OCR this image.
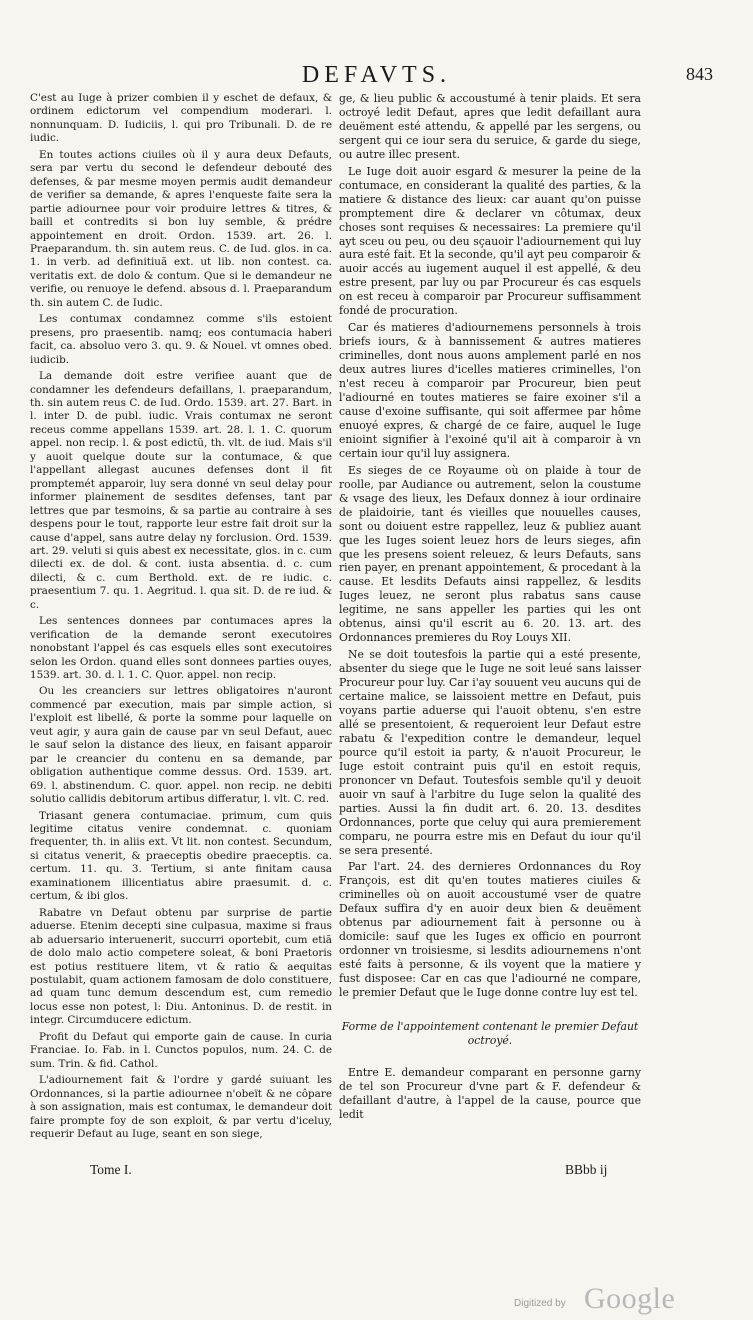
DEFAVTS.	843

C'est au Iuge à prizer combien il y eschet de defaux, & ordinem edictorum vel compendium moderari. l. nonnunquam. D. Iudiciis, l. qui pro Tribunali. D. de re iudic.

En toutes actions ciuiles où il y aura deux Defauts, sera par vertu du second le defendeur debouté des defenses, & par mesme moyen permis audit demandeur de verifier sa demande, & apres l'enqueste faite sera la partie adiournee pour voir produire lettres & titres, & baill et contredits si bon luy semble, & prédre appointement en droit. Ordon. 1539. art. 26. l. Praeparandum. th. sin autem reus. C. de Iud. glos. in ca. 1. in verb. ad definitiuã ext. ut lib. non contest. ca. veritatis ext. de dolo & contum. Que si le demandeur ne verifie, ou renuoye le defend. absous d. l. Praeparandum th. sin autem C. de Iudic.

Les contumax condamnez comme s'ils estoient presens, pro praesentib. namq; eos contumacia haberi facit, ca. absoluo vero 3. qu. 9. & Nouel. vt omnes obed. iudicib.

La demande doit estre verifiee auant que de condamner les defendeurs defaillans, l. praeparandum, th. sin autem reus C. de Iud. Ordo. 1539. art. 27. Bart. in l. inter D. de publ. iudic. Vrais contumax ne seront receus comme appellans 1539. art. 28. l. 1. C. quorum appel. non recip. l. & post edictũ, th. vlt. de iud. Mais s'il y auoit quelque doute sur la contumace, & que l'appellant allegast aucunes defenses dont il fit promptemét apparoir, luy sera donné vn seul delay pour informer plainement de sesdites defenses, tant par lettres que par tesmoins, & sa partie au contraire à ses despens pour le tout, rapporte leur estre fait droit sur la cause d'appel, sans autre delay ny forclusion. Ord. 1539. art. 29. veluti si quis abest ex necessitate, glos. in c. cum dilecti ex. de dol. & cont. iusta absentia. d. c. cum dilecti, & c. cum Berthold. ext. de re iudic. c. praesentium 7. qu. 1. Aegritud. l. qua sit. D. de re iud. & c.

Les sentences donnees par contumaces apres la verification de la demande seront executoires nonobstant l'appel és cas esquels elles sont executoires selon les Ordon. quand elles sont donnees parties ouyes, 1539. art. 30. d. l. 1. C. Quor. appel. non recip.

Ou les creanciers sur lettres obligatoires n'auront commencé par execution, mais par simple action, si l'exploit est libellé, & porte la somme pour laquelle on veut agir, y aura gain de cause par vn seul Defaut, auec le sauf selon la distance des lieux, en faisant apparoir par le creancier du contenu en sa demande, par obligation authentique comme dessus. Ord. 1539. art. 69. l. abstinendum. C. quor. appel. non recip. ne debiti solutio callidis debitorum artibus differatur, l. vlt. C. red.

Triasant genera contumaciae. primum, cum quis legitime citatus venire condemnat. c. quoniam frequenter, th. in aliis ext. Vt lit. non contest. Secundum, si citatus venerit, & praeceptis obedire praeceptis. ca. certum. 11. qu. 3. Tertium, si ante finitam causa examinationem illicentiatus abire praesumit. d. c. certum, & ibi glos.

Rabatre vn Defaut obtenu par surprise de partie aduerse. Etenim decepti sine culpasua, maxime si fraus ab aduersario interuenerit, succurri oportebit, cum etiã de dolo malo actio competere soleat, & boni Praetoris est potius restituere litem, vt & ratio & aequitas postulabit, quam actionem famosam de dolo constituere, ad quam tunc demum descendum est, cum remedio locus esse non potest, l: Diu. Antoninus. D. de restit. in integr. Circumducere edictum.

Profit du Defaut qui emporte gain de cause. In curia Franciae. Io. Fab. in l. Cunctos populos, num. 24. C. de sum. Trin. & fid. Cathol.

L'adiournement fait & l'ordre y gardé suiuant les Ordonnances, si la partie adiournee n'obeït & ne côpare à son assignation, mais est contumax, le demandeur doit faire prompte foy de son exploit, & par vertu d'iceluy, requerir Defaut au Iuge, seant en son siege,

ge, & lieu public & accoustumé à tenir plaids. Et sera octroyé ledit Defaut, apres que ledit defaillant aura deuëment esté attendu, & appellé par les sergens, ou sergent qui ce iour sera du seruice, & garde du siege, ou autre illec present.

Le Iuge doit auoir esgard & mesurer la peine de la contumace, en considerant la qualité des parties, & la matiere & distance des lieux: car auant qu'on puisse promptement dire & declarer vn côtumax, deux choses sont requises & necessaires: La premiere qu'il ayt sceu ou peu, ou deu sçauoir l'adiournement qui luy aura esté fait. Et la seconde, qu'il ayt peu comparoir & auoir accés au iugement auquel il est appellé, & deu estre present, par luy ou par Procureur és cas esquels on est receu à comparoir par Procureur suffisamment fondé de procuration.

Car és matieres d'adiournemens personnels à trois briefs iours, & à bannissement & autres matieres criminelles, dont nous auons amplement parlé en nos deux autres liures d'icelles matieres criminelles, l'on n'est receu à comparoir par Procureur, bien peut l'adiourné en toutes matieres se faire exoiner s'il a cause d'exoine suffisante, qui soit affermee par hôme enuoyé expres, & chargé de ce faire, auquel le Iuge enioint signifier à l'exoiné qu'il ait à comparoir à vn certain iour qu'il luy assignera.

Es sieges de ce Royaume où on plaide à tour de roolle, par Audiance ou autrement, selon la coustume & vsage des lieux, les Defaux donnez à iour ordinaire de plaidoirie, tant és vieilles que nouuelles causes, sont ou doiuent estre rappellez, leuz & publiez auant que les Iuges soient leuez hors de leurs sieges, afin que les presens soient releuez, & leurs Defauts, sans rien payer, en prenant appointement, & procedant à la cause. Et lesdits Defauts ainsi rappellez, & lesdits Iuges leuez, ne seront plus rabatus sans cause legitime, ne sans appeller les parties qui les ont obtenus, ainsi qu'il escrit au 6. 20. 13. art. des Ordonnances premieres du Roy Louys XII.

Ne se doit toutesfois la partie qui a esté presente, absenter du siege que le Iuge ne soit leué sans laisser Procureur pour luy. Car i'ay souuent veu aucuns qui de certaine malice, se laissoient mettre en Defaut, puis voyans partie aduerse qui l'auoit obtenu, s'en estre allé se presentoient, & requeroient leur Defaut estre rabatu & l'expedition contre le demandeur, lequel pource qu'il estoit ia party, & n'auoit Procureur, le Iuge estoit contraint puis qu'il en estoit requis, prononcer vn Defaut. Toutesfois semble qu'il y deuoit auoir vn sauf à l'arbitre du Iuge selon la qualité des parties. Aussi la fin dudit art. 6. 20. 13. desdites Ordonnances, porte que celuy qui aura premierement comparu, ne pourra estre mis en Defaut du iour qu'il se sera presenté.

Par l'art. 24. des dernieres Ordonnances du Roy François, est dit qu'en toutes matieres ciuiles & criminelles où on auoit accoustumé vser de quatre Defaux suffira d'y en auoir deux bien & deuëment obtenus par adiournement fait à personne ou à domicile: sauf que les Iuges ex officio en pourront ordonner vn troisiesme, si lesdits adiournemens n'ont esté faits à personne, & ils voyent que la matiere y fust disposee: Car en cas que l'adiourné ne compare, le premier Defaut que le Iuge donne contre luy est tel.

Forme de l'appointement contenant le premier Defaut octroyé.

Entre E. demandeur comparant en personne garny de tel son Procureur d'vne part & F. defendeur & defaillant d'autre, à l'appel de la cause, pource que ledit

Tome I.	BBbb ij
Digitized by Google
